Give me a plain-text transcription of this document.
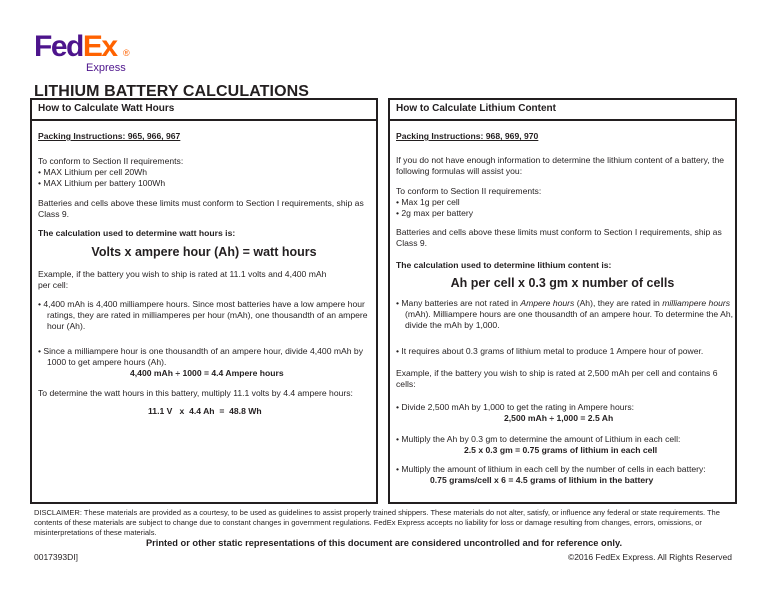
FedEx ®
Express
LITHIUM BATTERY CALCULATIONS
How to Calculate Watt Hours
Packing Instructions: 965, 966, 967
To conform to Section II requirements:
• MAX Lithium per cell 20Wh
• MAX Lithium per battery 100Wh
Batteries and cells above these limits must conform to Section I requirements, ship as Class 9.
The calculation used to determine watt hours is:
Volts x ampere hour (Ah) = watt hours
Example, if the battery you wish to ship is rated at 11.1 volts and 4,400 mAh per cell:
• 4,400 mAh is 4,400 milliampere hours. Since most batteries have a low ampere hour ratings, they are rated in milliamperes per hour (mAh), one thousandth of an ampere hour (Ah).
• Since a milliampere hour is one thousandth of an ampere hour, divide 4,400 mAh by 1000 to get ampere hours (Ah).
4,400 mAh ÷ 1000 = 4.4 Ampere hours
To determine the watt hours in this battery, multiply 11.1 volts by 4.4 ampere hours:
11.1 V   x  4.4 Ah  =  48.8 Wh
How to Calculate Lithium Content
Packing Instructions: 968, 969, 970
If you do not have enough information to determine the lithium content of a battery, the following formulas will assist you:
To conform to Section II requirements:
• Max 1g per cell
• 2g max per battery
Batteries and cells above these limits must conform to Section I requirements, ship as Class 9.
The calculation used to determine lithium content is:
Ah per cell x 0.3 gm x number of cells
• Many batteries are not rated in Ampere hours (Ah), they are rated in milliampere hours (mAh). Milliampere hours are one thousandth of an ampere hour. To determine the Ah, divide the mAh by 1,000.
• It requires about 0.3 grams of lithium metal to produce 1 Ampere hour of power.
Example, if the battery you wish to ship is rated at 2,500 mAh per cell and contains 6 cells:
• Divide 2,500 mAh by 1,000 to get the rating in Ampere hours:
2,500 mAh ÷ 1,000 = 2.5 Ah
• Multiply the Ah by 0.3 gm to determine the amount of Lithium in each cell:
2.5 x 0.3 gm = 0.75 grams of lithium in each cell
• Multiply the amount of lithium in each cell by the number of cells in each battery:
0.75 grams/cell x 6 = 4.5 grams of lithium in the battery
DISCLAIMER: These materials are provided as a courtesy, to be used as guidelines to assist properly trained shippers. These materials do not alter, satisfy, or influence any federal or state requirements. The contents of these materials are subject to change due to constant changes in government regulations. FedEx Express accepts no liability for loss or damage resulting from changes, errors, omissions, or misinterpretations of these materials.
Printed or other static representations of this document are considered uncontrolled and for reference only.
0017393DI]	©2016 FedEx Express. All Rights Reserved
